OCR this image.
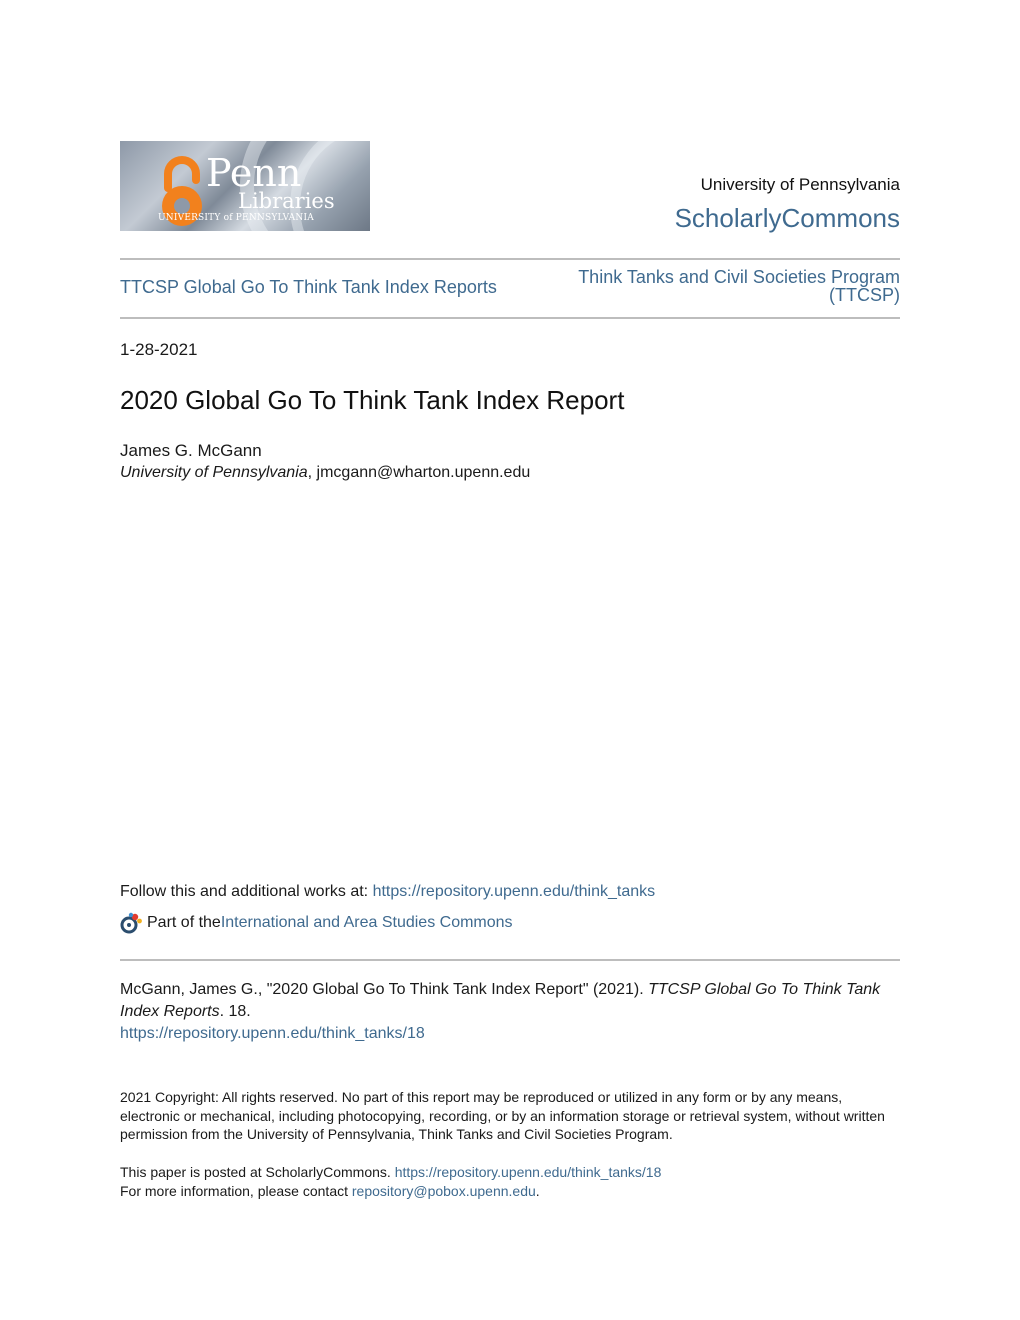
Penn
Libraries
UNIVERSITY of PENNSYLVANIA
University of Pennsylvania
ScholarlyCommons
TTCSP Global Go To Think Tank Index Reports	Think Tanks and Civil Societies Program (TTCSP)
1-28-2021
2020 Global Go To Think Tank Index Report
James G. McGann
University of Pennsylvania, jmcgann@wharton.upenn.edu
Follow this and additional works at: https://repository.upenn.edu/think_tanks
Part of the International and Area Studies Commons
McGann, James G., "2020 Global Go To Think Tank Index Report" (2021). TTCSP Global Go To Think Tank Index Reports. 18.
https://repository.upenn.edu/think_tanks/18
2021 Copyright: All rights reserved. No part of this report may be reproduced or utilized in any form or by any means, electronic or mechanical, including photocopying, recording, or by an information storage or retrieval system, without written permission from the University of Pennsylvania, Think Tanks and Civil Societies Program.
This paper is posted at ScholarlyCommons. https://repository.upenn.edu/think_tanks/18
For more information, please contact repository@pobox.upenn.edu.
